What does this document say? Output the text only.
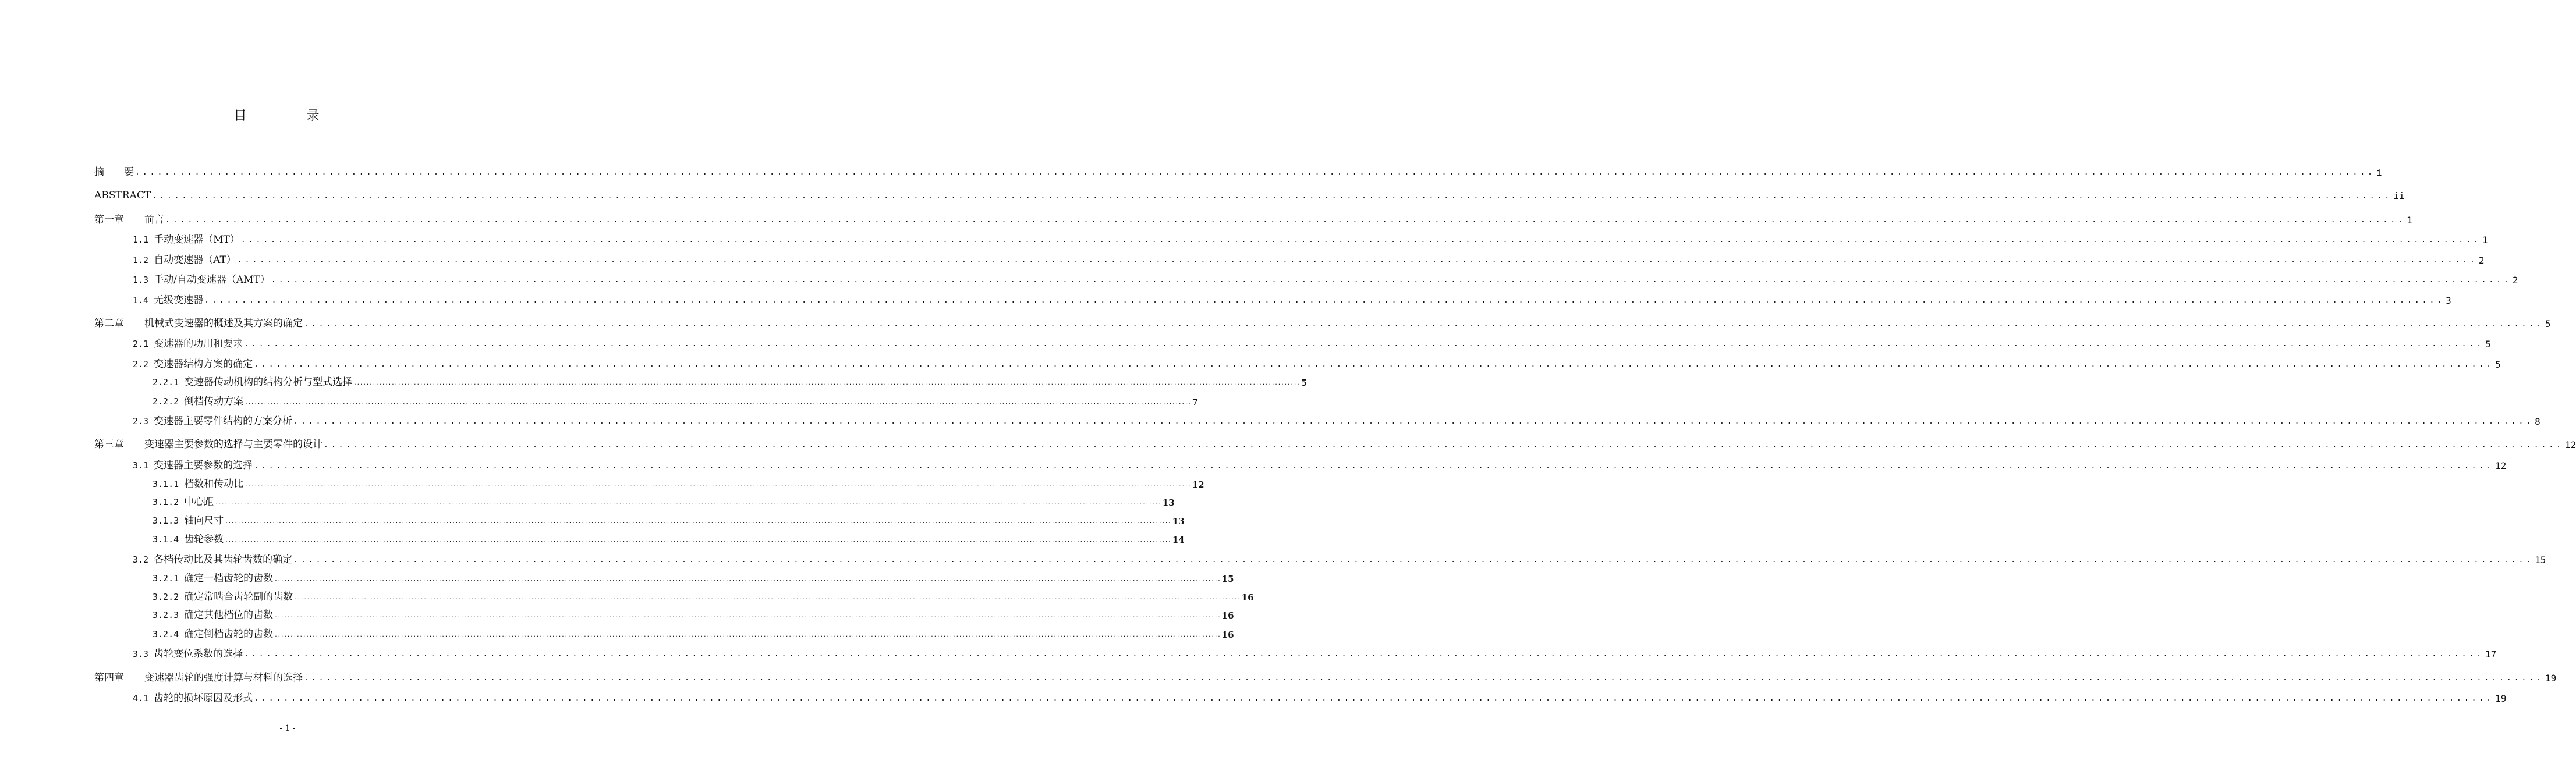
目 录
摘　　要 ............................................................................................................................................................................................................................................................................................................ i
ABSTRACT ............................................................................................................................................................................................................................................................................................................ ii
第一章 前言 ............................................................................................................................................................................................................................................................................................................ 1
1.1 手动变速器（MT） ............................................................................................................................................................................................................................................................................................................ 1
1.2 自动变速器（AT） ............................................................................................................................................................................................................................................................................................................ 2
1.3 手动/自动变速器（AMT） ............................................................................................................................................................................................................................................................................................................ 2
1.4 无级变速器 ............................................................................................................................................................................................................................................................................................................ 3
第二章 机械式变速器的概述及其方案的确定 ............................................................................................................................................................................................................................................................................................................ 5
2.1 变速器的功用和要求 ............................................................................................................................................................................................................................................................................................................ 5
2.2 变速器结构方案的确定 ............................................................................................................................................................................................................................................................................................................ 5
2.2.1 变速器传动机构的结构分析与型式选择 ............................................................................................................................................................................................................................................................................................................ 5
2.2.2 倒档传动方案 ............................................................................................................................................................................................................................................................................................................ 7
2.3 变速器主要零件结构的方案分析 ............................................................................................................................................................................................................................................................................................................ 8
第三章 变速器主要参数的选择与主要零件的设计 ............................................................................................................................................................................................................................................................................................................ 12
3.1 变速器主要参数的选择 ............................................................................................................................................................................................................................................................................................................ 12
3.1.1 档数和传动比 ............................................................................................................................................................................................................................................................................................................ 12
3.1.2 中心距 ............................................................................................................................................................................................................................................................................................................ 13
3.1.3 轴向尺寸 ............................................................................................................................................................................................................................................................................................................ 13
3.1.4 齿轮参数 ............................................................................................................................................................................................................................................................................................................ 14
3.2 各档传动比及其齿轮齿数的确定 ............................................................................................................................................................................................................................................................................................................ 15
3.2.1 确定一档齿轮的齿数 ............................................................................................................................................................................................................................................................................................................ 15
3.2.2 确定常啮合齿轮副的齿数 ............................................................................................................................................................................................................................................................................................................ 16
3.2.3 确定其他档位的齿数 ............................................................................................................................................................................................................................................................................................................ 16
3.2.4 确定倒档齿轮的齿数 ............................................................................................................................................................................................................................................................................................................ 16
3.3 齿轮变位系数的选择 ............................................................................................................................................................................................................................................................................................................ 17
第四章 变速器齿轮的强度计算与材料的选择 ............................................................................................................................................................................................................................................................................................................ 19
4.1 齿轮的损坏原因及形式 ............................................................................................................................................................................................................................................................................................................ 19
- 1 -
